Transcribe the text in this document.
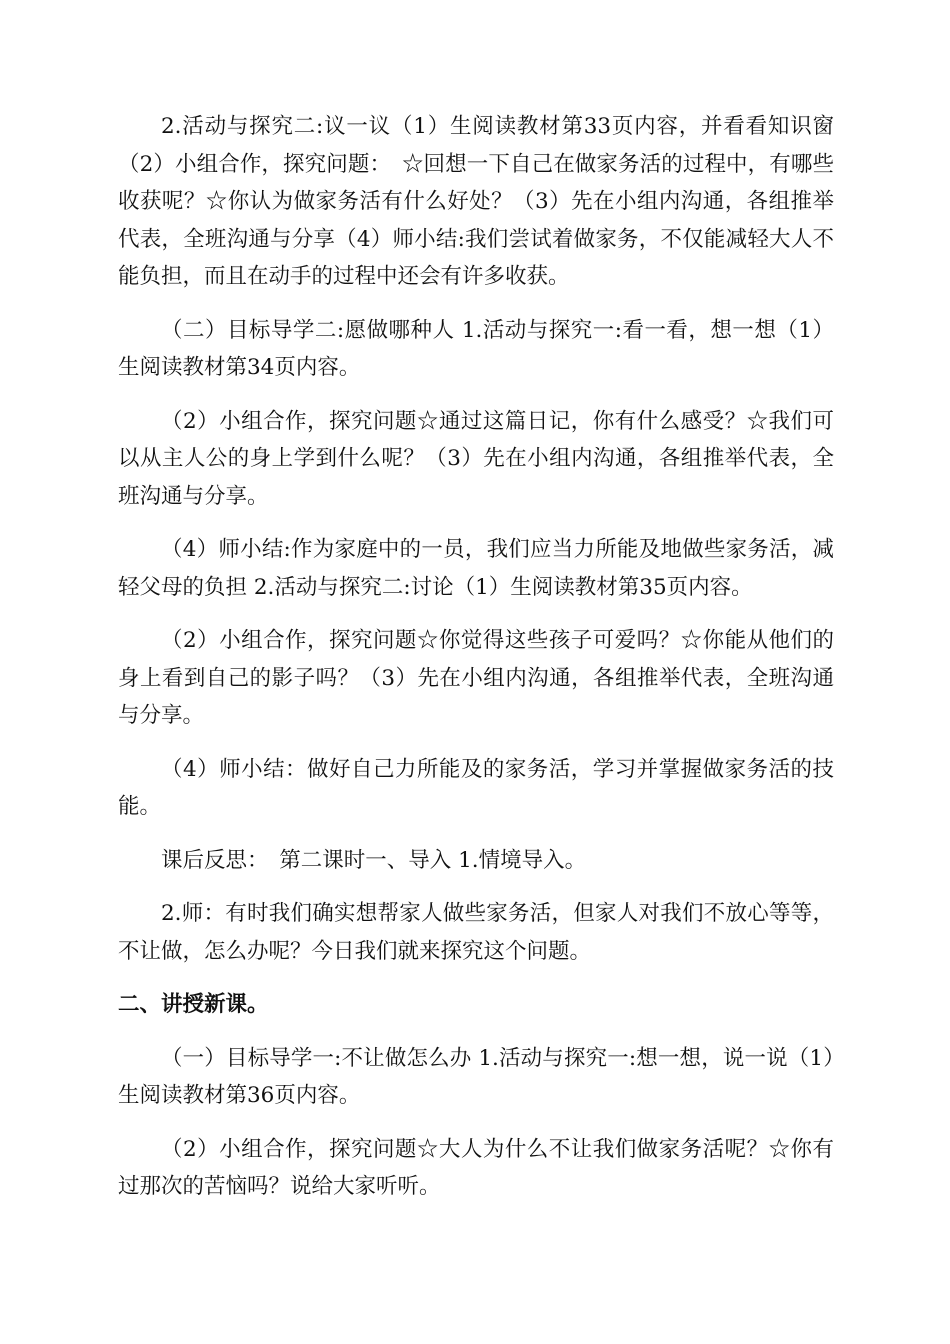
2.活动与探究二:议一议（1）生阅读教材第33页内容，并看看知识窗（2）小组合作，探究问题：　☆回想一下自己在做家务活的过程中，有哪些收获呢？☆你认为做家务活有什么好处？（3）先在小组内沟通，各组推举代表，全班沟通与分享（4）师小结:我们尝试着做家务，不仅能减轻大人不能负担，而且在动手的过程中还会有许多收获。

（二）目标导学二:愿做哪种人 1.活动与探究一:看一看，想一想（1）生阅读教材第34页内容。

（2）小组合作，探究问题☆通过这篇日记，你有什么感受？☆我们可以从主人公的身上学到什么呢？（3）先在小组内沟通，各组推举代表，全班沟通与分享。

（4）师小结:作为家庭中的一员，我们应当力所能及地做些家务活，减轻父母的负担 2.活动与探究二:讨论（1）生阅读教材第35页内容。

（2）小组合作，探究问题☆你觉得这些孩子可爱吗？☆你能从他们的身上看到自己的影子吗？（3）先在小组内沟通，各组推举代表，全班沟通与分享。

（4）师小结：做好自己力所能及的家务活，学习并掌握做家务活的技能。

课后反思：　第二课时一、导入 1.情境导入。

2.师：有时我们确实想帮家人做些家务活，但家人对我们不放心等等，不让做，怎么办呢？今日我们就来探究这个问题。

二、讲授新课。

（一）目标导学一:不让做怎么办 1.活动与探究一:想一想，说一说（1）生阅读教材第36页内容。

（2）小组合作，探究问题☆大人为什么不让我们做家务活呢？☆你有过那次的苦恼吗？说给大家听听。
